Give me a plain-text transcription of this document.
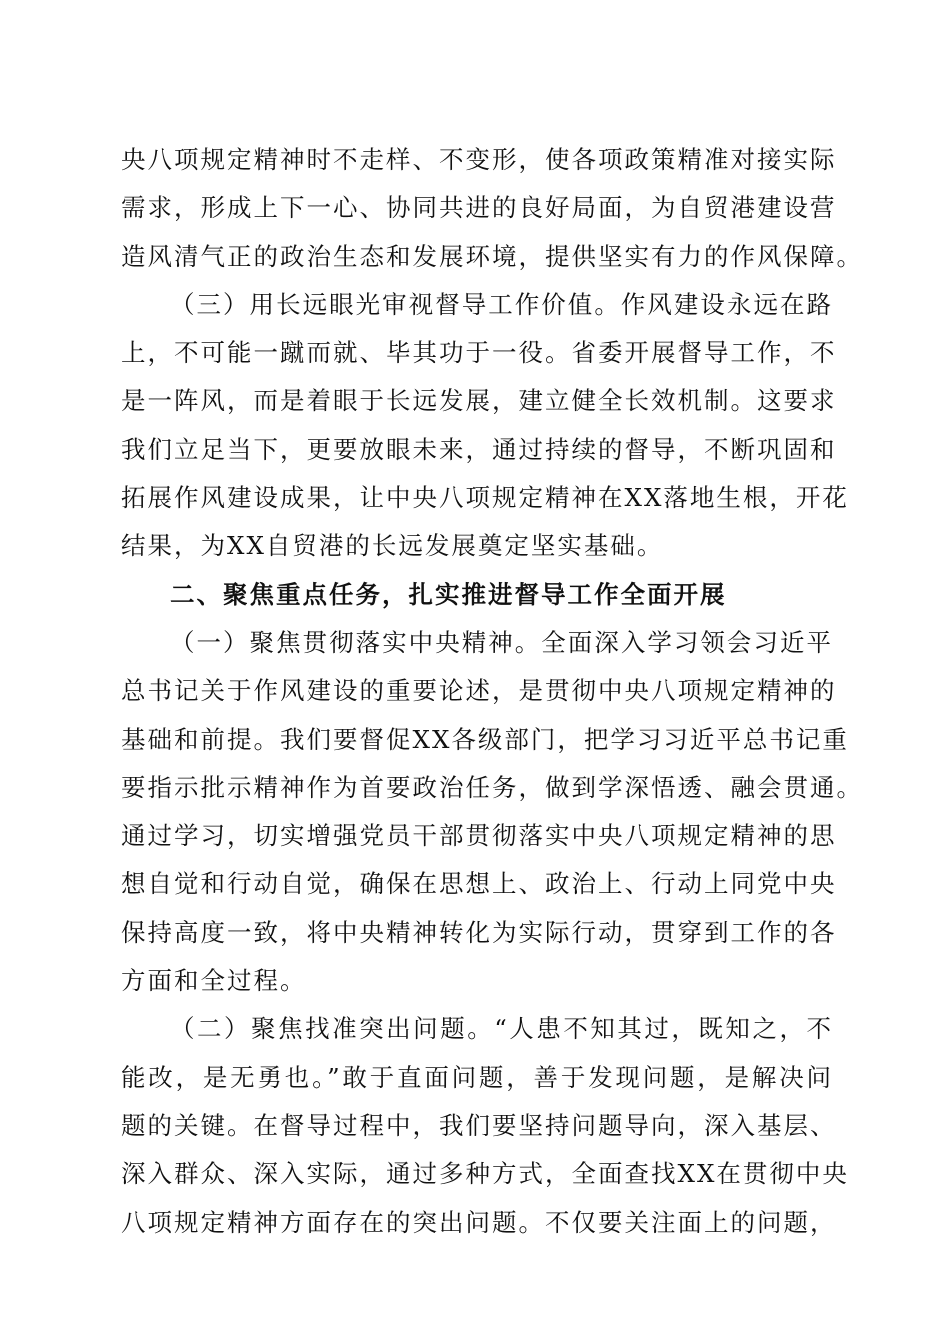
央八项规定精神时不走样、不变形，使各项政策精准对接实际
需求，形成上下一心、协同共进的良好局面，为自贸港建设营
造风清气正的政治生态和发展环境，提供坚实有力的作风保障。
（三）用长远眼光审视督导工作价值。作风建设永远在路
上，不可能一蹴而就、毕其功于一役。省委开展督导工作，不
是一阵风，而是着眼于长远发展，建立健全长效机制。这要求
我们立足当下，更要放眼未来，通过持续的督导，不断巩固和
拓展作风建设成果，让中央八项规定精神在XX落地生根，开花
结果，为XX自贸港的长远发展奠定坚实基础。
二、聚焦重点任务，扎实推进督导工作全面开展
（一）聚焦贯彻落实中央精神。全面深入学习领会习近平
总书记关于作风建设的重要论述，是贯彻中央八项规定精神的
基础和前提。我们要督促XX各级部门，把学习习近平总书记重
要指示批示精神作为首要政治任务，做到学深悟透、融会贯通。
通过学习，切实增强党员干部贯彻落实中央八项规定精神的思
想自觉和行动自觉，确保在思想上、政治上、行动上同党中央
保持高度一致，将中央精神转化为实际行动，贯穿到工作的各
方面和全过程。
（二）聚焦找准突出问题。“人患不知其过，既知之，不
能改，是无勇也。”敢于直面问题，善于发现问题，是解决问
题的关键。在督导过程中，我们要坚持问题导向，深入基层、
深入群众、深入实际，通过多种方式，全面查找XX在贯彻中央
八项规定精神方面存在的突出问题。不仅要关注面上的问题，
